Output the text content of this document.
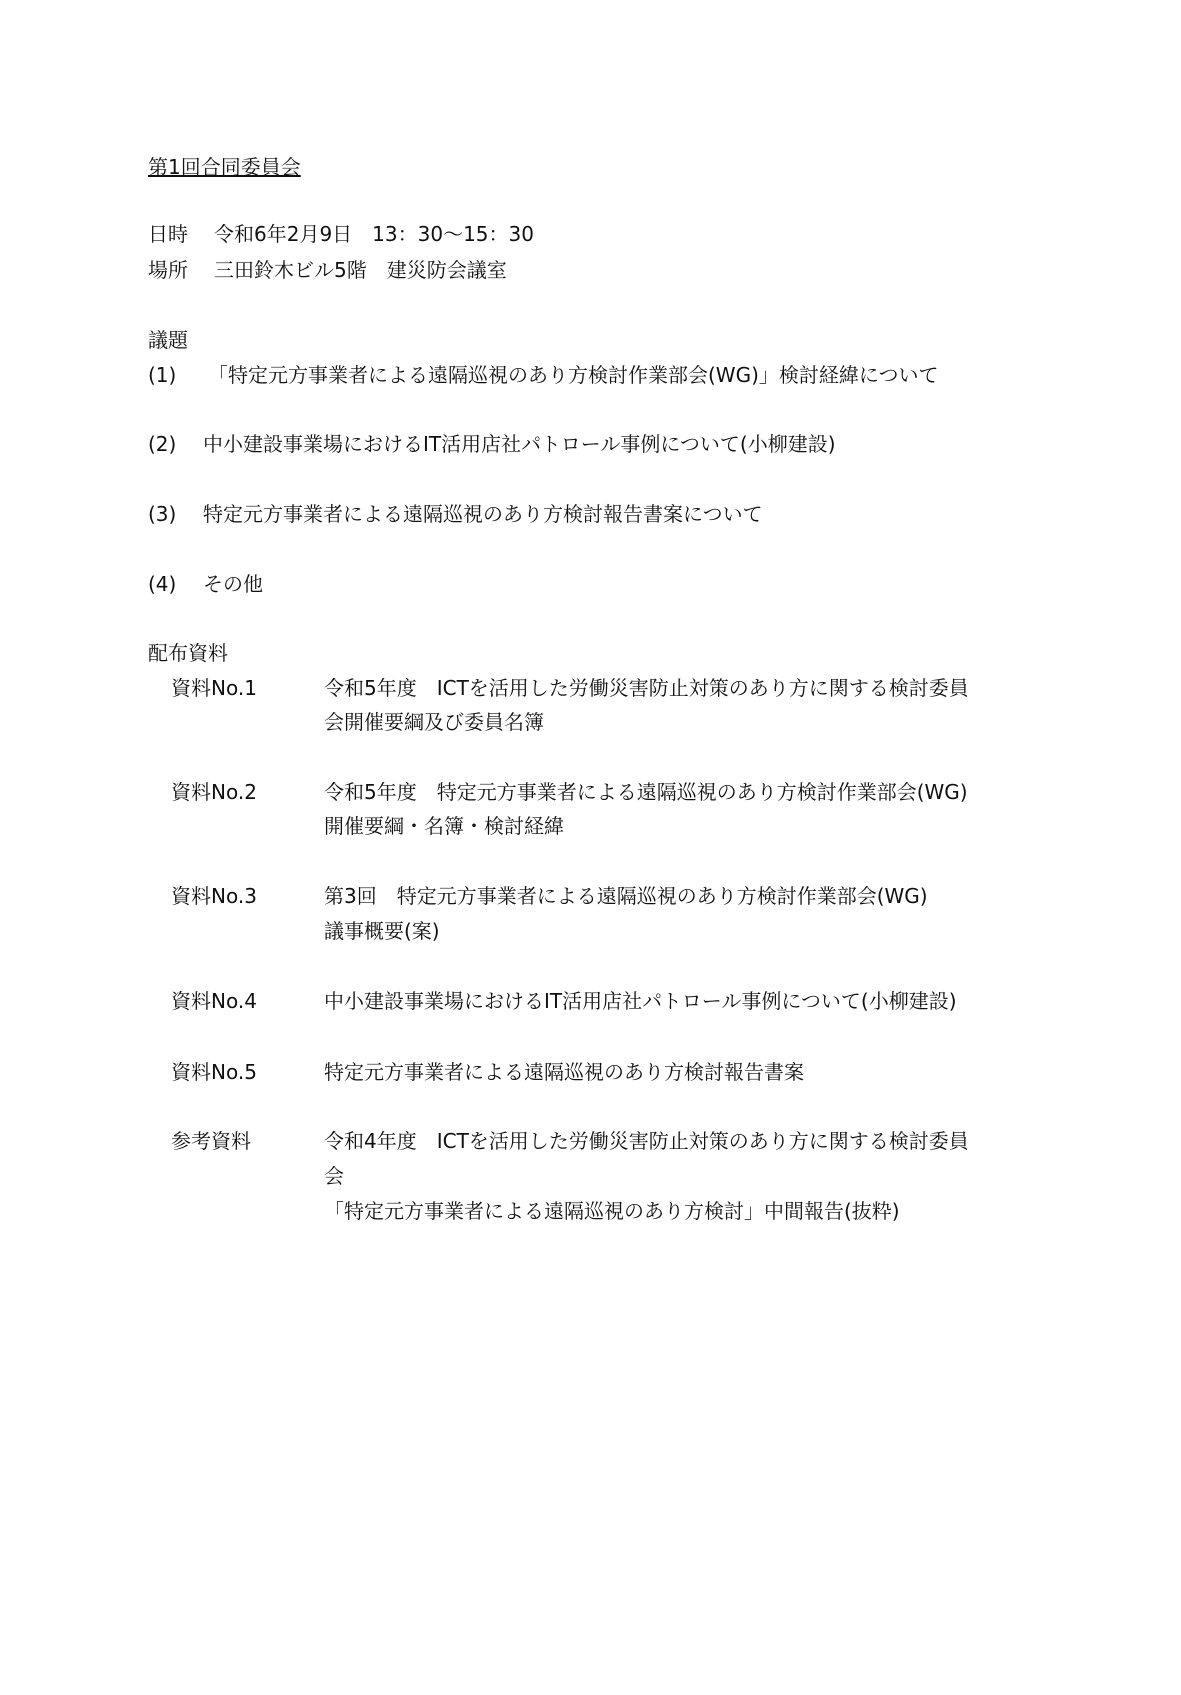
第1回合同委員会
日時 令和6年2月9日　13：30〜15：30
場所 三田鈴木ビル5階　建災防会議室
議題
(1) 「特定元方事業者による遠隔巡視のあり方検討作業部会(WG)」検討経緯について
(2) 中小建設事業場におけるIT活用店社パトロール事例について(小柳建設)
(3) 特定元方事業者による遠隔巡視のあり方検討報告書案について
(4) その他
配布資料
資料No.1	令和5年度　ICTを活用した労働災害防止対策のあり方に関する検討委員
会開催要綱及び委員名簿
資料No.2	令和5年度　特定元方事業者による遠隔巡視のあり方検討作業部会(WG)
開催要綱・名簿・検討経緯
資料No.3	第3回　特定元方事業者による遠隔巡視のあり方検討作業部会(WG)
議事概要(案)
資料No.4	中小建設事業場におけるIT活用店社パトロール事例について(小柳建設)
資料No.5	特定元方事業者による遠隔巡視のあり方検討報告書案
参考資料	令和4年度　ICTを活用した労働災害防止対策のあり方に関する検討委員
会
「特定元方事業者による遠隔巡視のあり方検討」中間報告(抜粋)
